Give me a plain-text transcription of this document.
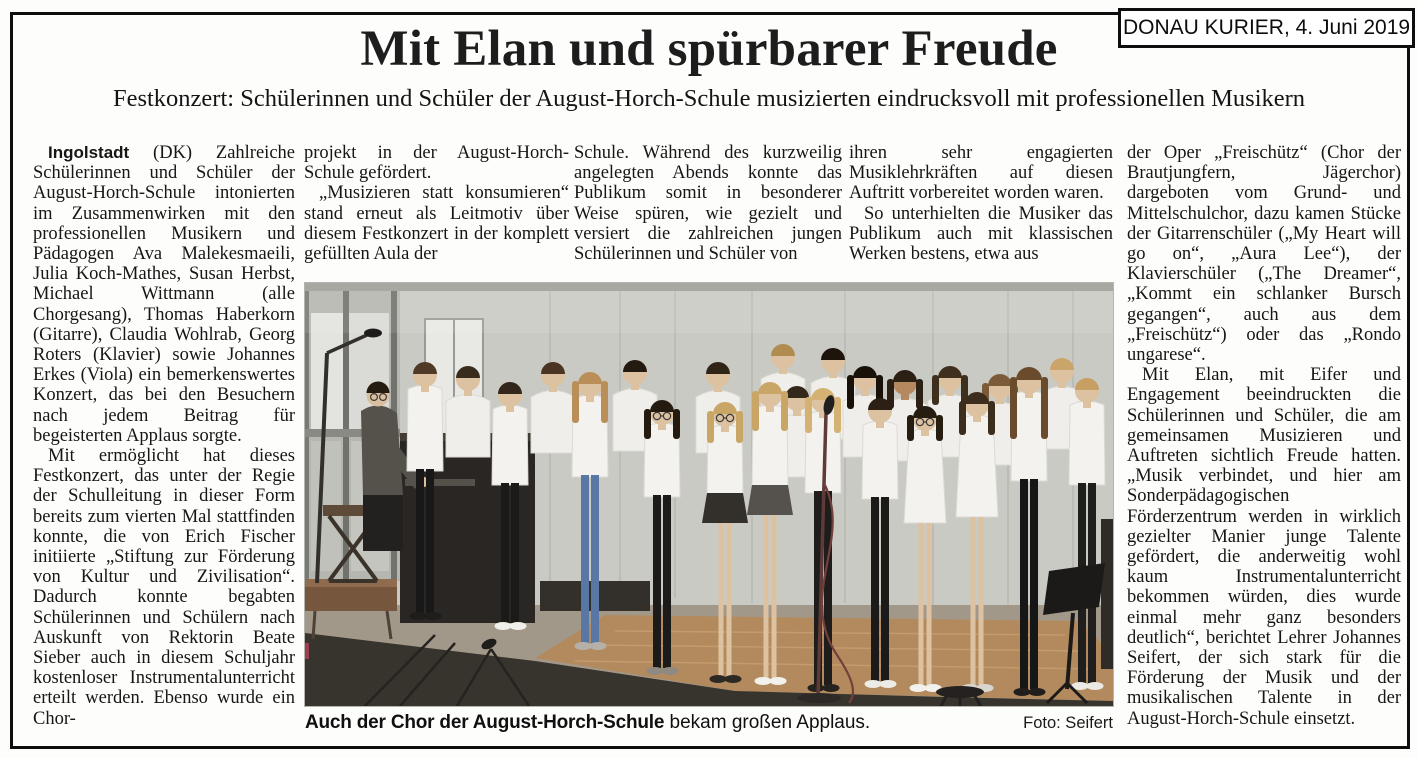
DONAU KURIER, 4. Juni 2019
Mit Elan und spürbarer Freude
Festkonzert: Schülerinnen und Schüler der August-Horch-Schule musizierten eindrucksvoll mit professionellen Musikern

Ingolstadt (DK) Zahlreiche Schülerinnen und Schüler der August-Horch-Schule intonierten im Zusammenwirken mit den professionellen Musikern und Pädagogen Ava Malekesmaeili, Julia Koch-Mathes, Susan Herbst, Michael Wittmann (alle Chorgesang), Thomas Haberkorn (Gitarre), Claudia Wohlrab, Georg Roters (Klavier) sowie Johannes Erkes (Viola) ein bemerkenswertes Konzert, das bei den Besuchern nach jedem Beitrag für begeisterten Applaus sorgte.

Mit ermöglicht hat dieses Festkonzert, das unter der Regie der Schulleitung in dieser Form bereits zum vierten Mal stattfinden konnte, die von Erich Fischer initiierte „Stiftung zur Förderung von Kultur und Zivilisation“. Dadurch konnte begabten Schülerinnen und Schülern nach Auskunft von Rektorin Beate Sieber auch in diesem Schuljahr kostenloser Instrumentalunterricht erteilt werden. Ebenso wurde ein Chor-

projekt in der August-Horch-Schule gefördert.

„Musizieren statt konsumieren“ stand erneut als Leitmotiv über diesem Festkonzert in der komplett gefüllten Aula der

Schule. Während des kurzweilig angelegten Abends konnte das Publikum somit in besonderer Weise spüren, wie gezielt und versiert die zahlreichen jungen Schülerinnen und Schüler von

ihren sehr engagierten Musiklehrkräften auf diesen Auftritt vorbereitet worden waren.

So unterhielten die Musiker das Publikum auch mit klassischen Werken bestens, etwa aus

der Oper „Freischütz“ (Chor der Brautjungfern, Jägerchor) dargeboten vom Grund- und Mittelschulchor, dazu kamen Stücke der Gitarrenschüler („My Heart will go on“, „Aura Lee“), der Klavierschüler („The Dreamer“, „Kommt ein schlanker Bursch gegangen“, auch aus dem „Freischütz“) oder das „Rondo ungarese“.

Mit Elan, mit Eifer und Engagement beeindruckten die Schülerinnen und Schüler, die am gemeinsamen Musizieren und Auftreten sichtlich Freude hatten. „Musik verbindet, und hier am Sonderpädagogischen Förderzentrum werden in wirklich gezielter Manier junge Talente gefördert, die anderweitig wohl kaum Instrumentalunterricht bekommen würden, dies wurde einmal mehr ganz besonders deutlich“, berichtet Lehrer Johannes Seifert, der sich stark für die Förderung der Musik und der musikalischen Talente in der August-Horch-Schule einsetzt.

Auch der Chor der August-Horch-Schule bekam großen Applaus.	Foto: Seifert
